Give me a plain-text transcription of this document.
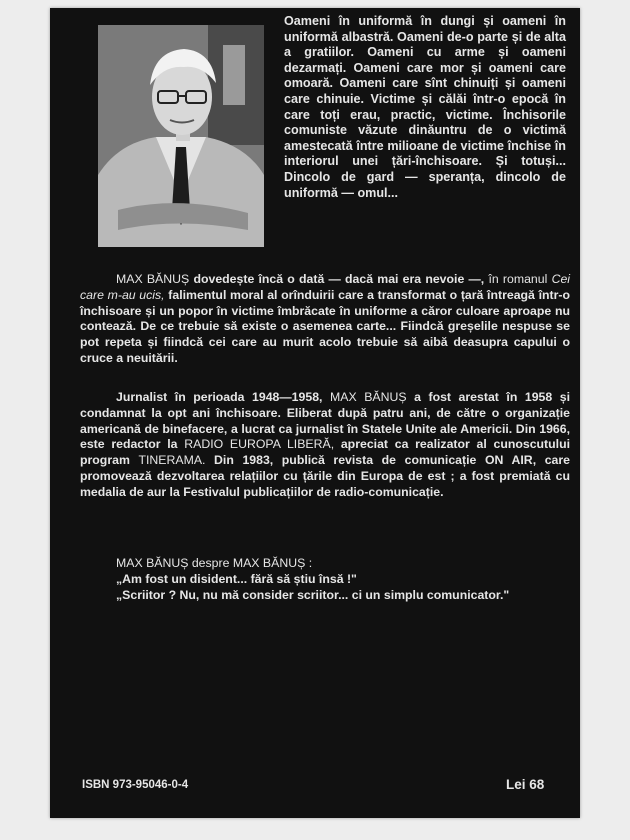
Oameni în uniformă în dungi și oameni în uniformă albastră. Oameni de-o parte și de alta a gratiilor. Oameni cu arme și oameni dezarmați. Oameni care mor și oameni care omoară. Oameni care sînt chinuiți și oameni care chinuie. Victime și călăi într-o epocă în care toți erau, practic, victime. Închisorile comuniste văzute dinăuntru de o victimă amestecată între milioane de victime închise în interiorul unei țări-închisoare. Și totuși... Dincolo de gard — speranța, dincolo de uniformă — omul...

MAX BĂNUȘ dovedește încă o dată — dacă mai era nevoie —, în romanul Cei care m-au ucis, falimentul moral al orînduirii care a transformat o țară întreagă într-o închisoare și un popor în victime îmbrăcate în uniforme a căror culoare aproape nu contează. De ce trebuie să existe o asemenea carte... Fiindcă greșelile nespuse se pot repeta și fiindcă cei care au murit acolo trebuie să aibă deasupra capului o cruce a neuitării.

Jurnalist în perioada 1948—1958, MAX BĂNUȘ a fost arestat în 1958 și condamnat la opt ani închisoare. Eliberat după patru ani, de către o organizație americană de binefacere, a lucrat ca jurnalist în Statele Unite ale Americii. Din 1966, este redactor la RADIO EUROPA LIBERĂ, apreciat ca realizator al cunoscutului program TINERAMA. Din 1983, publică revista de comunicație ON AIR, care promovează dezvoltarea relațiilor cu țările din Europa de est ; a fost premiată cu medalia de aur la Festivalul publicațiilor de radio-comunicație.

MAX BĂNUȘ despre MAX BĂNUȘ :
„Am fost un disident... fără să știu însă !"
„Scriitor ? Nu, nu mă consider scriitor... ci un simplu comunicator."

ISBN 973-95046-0-4	Lei 68
